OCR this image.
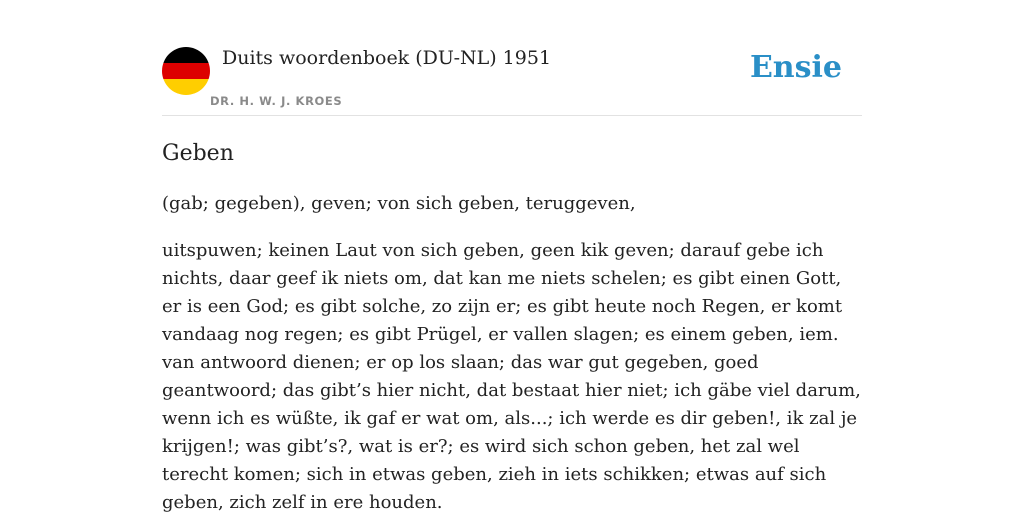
Duits woordenboek (DU-NL) 1951
DR. H. W. J. KROES
Ensie
Geben

(gab; gegeben), geven; von sich geben, teruggeven,

uitspuwen; keinen Laut von sich geben, geen kik geven; darauf gebe ich nichts, daar geef ik niets om, dat kan me niets schelen; es gibt einen Gott, er is een God; es gibt solche, zo zijn er; es gibt heute noch Regen, er komt vandaag nog regen; es gibt Prügel, er vallen slagen; es einem geben, iem. van antwoord dienen; er op los slaan; das war gut gegeben, goed geantwoord; das gibt’s hier nicht, dat bestaat hier niet; ich gäbe viel darum, wenn ich es wüßte, ik gaf er wat om, als...; ich werde es dir geben!, ik zal je krijgen!; was gibt’s?, wat is er?; es wird sich schon geben, het zal wel terecht komen; sich in etwas geben, zieh in iets schikken; etwas auf sich geben, zich zelf in ere houden.
